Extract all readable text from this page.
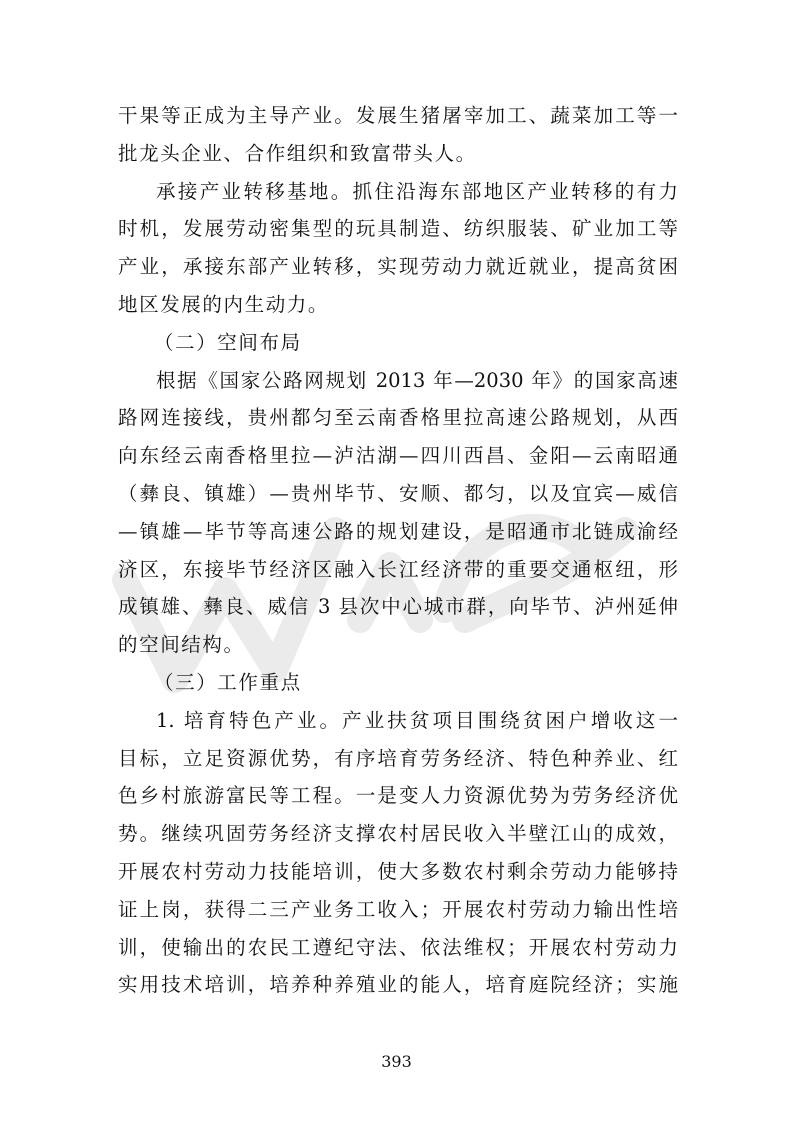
干果等正成为主导产业。发展生猪屠宰加工、蔬菜加工等一
批龙头企业、合作组织和致富带头人。
承接产业转移基地。抓住沿海东部地区产业转移的有力
时机，发展劳动密集型的玩具制造、纺织服装、矿业加工等
产业，承接东部产业转移，实现劳动力就近就业，提高贫困
地区发展的内生动力。
（二）空间布局
根据《国家公路网规划 2013 年—2030 年》的国家高速
路网连接线，贵州都匀至云南香格里拉高速公路规划，从西
向东经云南香格里拉—泸沽湖—四川西昌、金阳—云南昭通
（彝良、镇雄）—贵州毕节、安顺、都匀，以及宜宾—威信
—镇雄—毕节等高速公路的规划建设，是昭通市北链成渝经
济区，东接毕节经济区融入长江经济带的重要交通枢纽，形
成镇雄、彝良、威信 3 县次中心城市群，向毕节、泸州延伸
的空间结构。
（三）工作重点
1. 培育特色产业。产业扶贫项目围绕贫困户增收这一
目标，立足资源优势，有序培育劳务经济、特色种养业、红
色乡村旅游富民等工程。一是变人力资源优势为劳务经济优
势。继续巩固劳务经济支撑农村居民收入半壁江山的成效，
开展农村劳动力技能培训，使大多数农村剩余劳动力能够持
证上岗，获得二三产业务工收入；开展农村劳动力输出性培
训，使输出的农民工遵纪守法、依法维权；开展农村劳动力
实用技术培训，培养种养殖业的能人，培育庭院经济；实施
393
